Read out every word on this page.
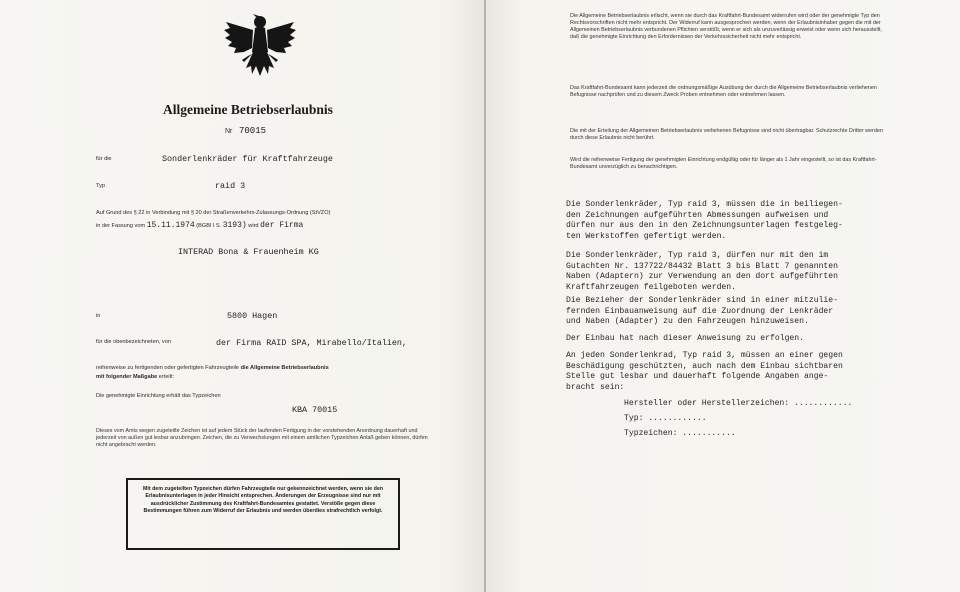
Allgemeine Betriebserlaubnis
Nr 70015
für die	Sonderlenkräder für Kraftfahrzeuge
Typ	raid 3
Auf Grund des § 22 in Verbindung mit § 20 der Straßenverkehrs-Zulassungs-Ordnung (StVZO)
in der Fassung vom 15.11.1974 (BGBl I S. 3193) wird der Firma
INTERAD Bona & Frauenheim KG
in	5800 Hagen
für die obenbezeichneten, von	der Firma RAID SPA, Mirabello/Italien,
reihenweise zu fertigenden oder gefertigten Fahrzeugteile die Allgemeine Betriebserlaubnis
mit folgender Maßgabe erteilt:
Die genehmigte Einrichtung erhält das Typzeichen
KBA 70015
Dieses vom Amts wegen zugeteilte Zeichen ist auf jedem Stück der laufenden Fertigung in der vorstehenden Anordnung dauerhaft und jederzeit von außen gut lesbar anzubringen. Zeichen, die zu Verwechslungen mit einem amtlichen Typzeichen Anlaß geben können, dürfen nicht angebracht werden.
Mit dem zugeteilten Typzeichen dürfen Fahrzeugteile nur gekennzeichnet werden, wenn sie den Erlaubnisunterlagen in jeder Hinsicht entsprechen. Änderungen der Erzeugnisse sind nur mit ausdrücklicher Zustimmung des Kraftfahrt-Bundesamtes gestattet. Verstöße gegen diese Bestimmungen führen zum Widerruf der Erlaubnis und werden überdies strafrechtlich verfolgt.
Die Allgemeine Betriebserlaubnis erlischt, wenn sie durch das Kraftfahrt-Bundesamt widerrufen wird oder der genehmigte Typ den Rechtsvorschriften nicht mehr entspricht. Der Widerruf kann ausgesprochen werden, wenn der Erlaubnisinhaber gegen die mit der Allgemeinen Betriebserlaubnis verbundenen Pflichten verstößt, wenn er sich als unzuverlässig erweist oder wenn sich herausstellt, daß die genehmigte Einrichtung den Erfordernissen der Verkehrssicherheit nicht mehr entspricht.
Das Kraftfahrt-Bundesamt kann jederzeit die ordnungsmäßige Ausübung der durch die Allgemeine Betriebserlaubnis verliehenen Befugnisse nachprüfen und zu diesem Zweck Proben entnehmen oder entnehmen lassen.
Die mit der Erteilung der Allgemeinen Betriebserlaubnis verliehenen Befugnisse sind nicht übertragbar. Schutzrechte Dritter werden durch diese Erlaubnis nicht berührt.
Wird die reihenweise Fertigung der genehmigten Einrichtung endgültig oder für länger als 1 Jahr eingestellt, so ist das Kraftfahrt-Bundesamt unverzüglich zu benachrichtigen.
Die Sonderlenkräder, Typ raid 3, müssen die in beiliegen-
den Zeichnungen aufgeführten Abmessungen aufweisen und
dürfen nur aus den in den Zeichnungsunterlagen festgeleg-
ten Werkstoffen gefertigt werden.
Die Sonderlenkräder, Typ raid 3, dürfen nur mit den im
Gutachten Nr. 137722/84432 Blatt 3 bis Blatt 7 genannten
Naben (Adaptern) zur Verwendung an den dort aufgeführten
Kraftfahrzeugen feilgeboten werden.
Die Bezieher der Sonderlenkräder sind in einer mitzulie-
fernden Einbauanweisung auf die Zuordnung der Lenkräder
und Naben (Adapter) zu den Fahrzeugen hinzuweisen.
Der Einbau hat nach dieser Anweisung zu erfolgen.
An jeden Sonderlenkrad, Typ raid 3, müssen an einer gegen
Beschädigung geschützten, auch nach dem Einbau sichtbaren
Stelle gut lesbar und dauerhaft folgende Angaben ange-
bracht sein:
Hersteller oder Herstellerzeichen: ............
Typ: ............
Typzeichen: ...........
